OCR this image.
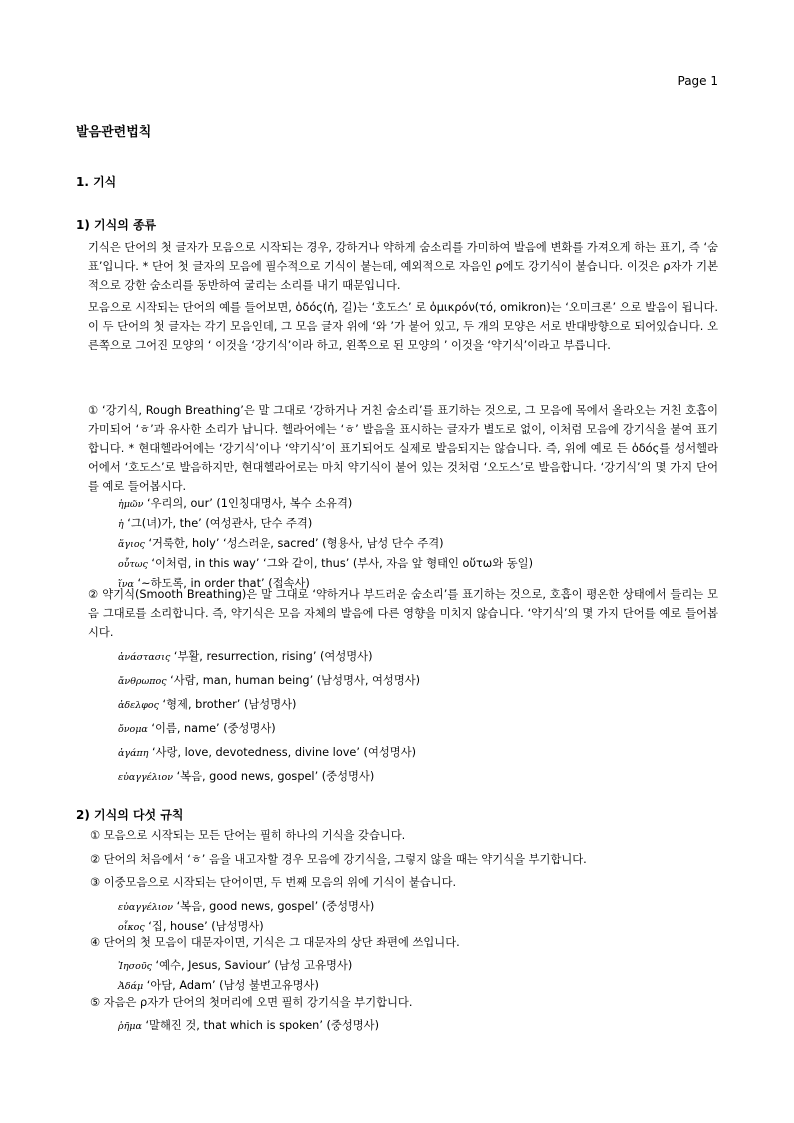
Page 1
발음관련법칙
1. 기식
1) 기식의 종류
기식은 단어의 첫 글자가 모음으로 시작되는 경우, 강하거나 약하게 숨소리를 가미하여 발음에 변화를 가져오게 하는 표기, 즉 ‘숨표’입니다. * 단어 첫 글자의 모음에 필수적으로 기식이 붙는데, 예외적으로 자음인 ρ에도 강기식이 붙습니다. 이것은 ρ자가 기본적으로 강한 숨소리를 동반하여 굴리는 소리를 내기 때문입니다.
모음으로 시작되는 단어의 예를 들어보면, ὁδός(ἡ, 길)는 ‘호도스’ 로 ὀμικρόν(τό, omikron)는 ‘오미크론’ 으로 발음이 됩니다. 이 두 단어의 첫 글자는 각기 모음인데, 그 모음 글자 위에 ‘와 ’가 붙어 있고, 두 개의 모양은 서로 반대방향으로 되어있습니다. 오른쪽으로 그어진 모양의 ‘ 이것을 ‘강기식’이라 하고, 왼쪽으로 된 모양의 ’ 이것을 ‘약기식’이라고 부릅니다.
① ‘강기식, Rough Breathing’은 말 그대로 ‘강하거나 거친 숨소리’를 표기하는 것으로, 그 모음에 목에서 올라오는 거친 호흡이 가미되어 ‘ㅎ’과 유사한 소리가 납니다. 헬라어에는 ‘ㅎ’ 발음을 표시하는 글자가 별도로 없이, 이처럼 모음에 강기식을 붙여 표기합니다. * 현대헬라어에는 ‘강기식’이나 ‘약기식’이 표기되어도 실제로 발음되지는 않습니다. 즉, 위에 예로 든 ὁδός를 성서헬라어에서 ‘호도스’로 발음하지만, 현대헬라어로는 마치 약기식이 붙어 있는 것처럼 ‘오도스’로 발음합니다. ‘강기식’의 몇 가지 단어를 예로 들어봅시다.
ἡμῶν ‘우리의, our’ (1인칭대명사, 복수 소유격)
ἡ ‘그(녀)가, the’ (여성관사, 단수 주격)
ἅγιος ‘거룩한, holy’ ‘성스러운, sacred’ (형용사, 남성 단수 주격)
οὗτως ‘이처럼, in this way’ ‘그와 같이, thus’ (부사, 자음 앞 형태인 οὕτω와 동일)
ἵνα ‘~하도록, in order that’ (접속사)
② 약기식(Smooth Breathing)은 말 그대로 ‘약하거나 부드러운 숨소리’를 표기하는 것으로, 호흡이 평온한 상태에서 들리는 모음 그대로를 소리합니다. 즉, 약기식은 모음 자체의 발음에 다른 영향을 미치지 않습니다. ‘약기식’의 몇 가지 단어를 예로 들어봅시다.
ἀνάστασις ‘부활, resurrection, rising’ (여성명사)
ἄνθρωπος ‘사람, man, human being’ (남성명사, 여성명사)
ἀδελφος ‘형제, brother’ (남성명사)
ὄνομα ‘이름, name’ (중성명사)
ἀγάπη ‘사랑, love, devotedness, divine love’ (여성명사)
εὐαγγέλιον ‘복음, good news, gospel’ (중성명사)
2) 기식의 다섯 규칙
① 모음으로 시작되는 모든 단어는 필히 하나의 기식을 갖습니다.
② 단어의 처음에서 ‘ㅎ’ 음을 내고자할 경우 모음에 강기식을, 그렇지 않을 때는 약기식을 부기합니다.
③ 이중모음으로 시작되는 단어이면, 두 번째 모음의 위에 기식이 붙습니다.
εὐαγγέλιον ‘복음, good news, gospel’ (중성명사)
οἶκος ‘집, house’ (남성명사)
④ 단어의 첫 모음이 대문자이면, 기식은 그 대문자의 상단 좌편에 쓰입니다.
Ἰησοῦς ‘예수, Jesus, Saviour’ (남성 고유명사)
Ἀδάμ ‘아담, Adam’ (남성 불변고유명사)
⑤ 자음은 ρ자가 단어의 첫머리에 오면 필히 강기식을 부기합니다.
ῥῆμα ‘말해진 것, that which is spoken’ (중성명사)
